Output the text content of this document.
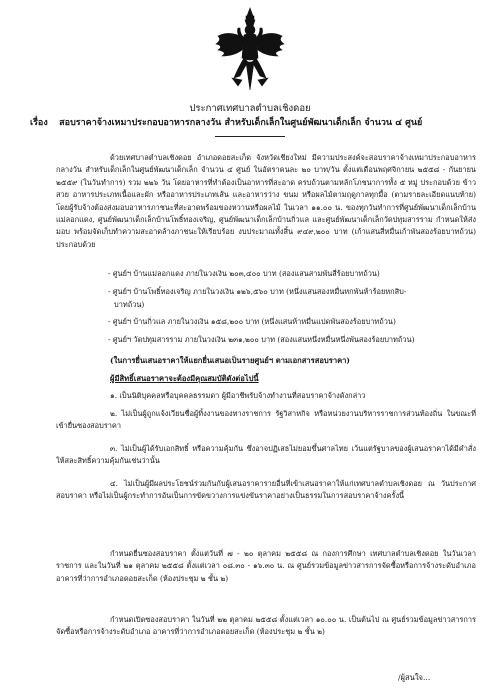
ประกาศเทศบาลตำบลเชิงดอย
เรื่อง สอบราคาจ้างเหมาประกอบอาหารกลางวัน สำหรับเด็กเล็กในศูนย์พัฒนาเด็กเล็ก จำนวน ๔ ศูนย์
ด้วยเทศบาลตำบลเชิงดอย อำเภอดอยสะเก็ด จังหวัดเชียงใหม่ มีความประสงค์จะสอบราคาจ้างเหมาประกอบอาหารกลางวัน สำหรับเด็กเล็กในศูนย์พัฒนาเด็กเล็ก จำนวน ๔ ศูนย์ ในอัตราคนละ ๒๐ บาท/วัน ตั้งแต่เดือนพฤศจิกายน ๒๕๕๘ - กันยายน ๒๕๕๙ (ในวันทำการ) รวม ๒๒๖ วัน โดยอาหารที่ทำต้องเป็นอาหารที่สะอาด ครบถ้วนตามหลักโภชนาการทั้ง ๕ หมู่ ประกอบด้วย ข้าวสวย อาหารประเภทเนื้อและผัก หรืออาหารประเภทเส้น และอาหารว่าง ขนม หรือผลไม้ตามฤดูกาลทุกมื้อ (ตามรายละเอียดแนบท้าย) โดยผู้รับจ้างต้องส่งมอบอาหารภาชนะที่สะอาดพร้อมของหวานหรือผลไม้ ในเวลา ๑๑.๐๐ น. ของทุกวันทำการที่ศูนย์พัฒนาเด็กเล็กบ้านแม่ลอกแดง, ศูนย์พัฒนาเด็กเล็กบ้านโพธิ์ทองเจริญ, ศูนย์พัฒนาเด็กเล็กบ้านกิ่วแล และศูนย์พัฒนาเด็กเล็กวัดปทุมสารราม กำหนดให้ส่งมอบ พร้อมจัดเก็บทำความสะอาดล้างภาชนะให้เรียบร้อย งบประมาณทั้งสิ้น ๙๔๙,๒๐๐ บาท (เก้าแสนสี่หมื่นเก้าพันสองร้อยบาทถ้วน) ประกอบด้วย
- ศูนย์ฯ บ้านแม่ลอกแดง ภายในวงเงิน ๒๐๓,๔๐๐ บาท (สองแสนสามพันสี่ร้อยบาทถ้วน)
- ศูนย์ฯ บ้านโพธิ์ทองเจริญ ภายในวงเงิน ๑๒๖,๕๖๐ บาท (หนึ่งแสนสองหมื่นหกพันห้าร้อยหกสิบ-
บาทถ้วน)
- ศูนย์ฯ บ้านกิ่วแล ภายในวงเงิน ๑๕๘,๒๐๐ บาท (หนึ่งแสนห้าหมื่นแปดพันสองร้อยบาทถ้วน)
- ศูนย์ฯ วัดปทุมสารราม ภายในวงเงิน ๒๓๑,๒๐๐ บาท (สองแสนหนึ่งหมื่นหนึ่งพันสองร้อยบาทถ้วน)
(ในการยื่นเสนอราคาให้แยกยื่นเสนอเป็นรายศูนย์ฯ ตามเอกสารสอบราคา)
ผู้มีสิทธิ์เสนอราคาจะต้องมีคุณสมบัติดังต่อไปนี้
๑. เป็นนิติบุคคลหรือบุคคลธรรมดา ผู้มีอาชีพรับจ้างทำงานที่สอบราคาจ้างดังกล่าว
๒. ไม่เป็นผู้ถูกแจ้งเวียนชื่อผู้ทิ้งงานของทางราชการ รัฐวิสาหกิจ หรือหน่วยงานบริหารราชการส่วนท้องถิ่น ในขณะที่เข้ายื่นซองสอบราคา
๓. ไม่เป็นผู้ได้รับเอกสิทธิ์ หรือความคุ้มกัน ซึ่งอาจปฏิเสธไม่ยอมขึ้นศาลไทย เว้นแต่รัฐบาลของผู้เสนอราคาได้มีคำสั่งให้สละสิทธิ์ความคุ้มกันเช่นว่านั้น
๔. ไม่เป็นผู้มีผลประโยชน์ร่วมกันกับผู้เสนอราคารายอื่นที่เข้าเสนอราคาให้แก่เทศบาลตำบลเชิงดอย ณ วันประกาศสอบราคา หรือไม่เป็นผู้กระทำการอันเป็นการขัดขวางการแข่งขันราคาอย่างเป็นธรรมในการสอบราคาจ้างครั้งนี้
กำหนดยื่นซองสอบราคา ตั้งแต่วันที่ ๗ - ๒๐ ตุลาคม ๒๕๕๘ ณ กองการศึกษา เทศบาลตำบลเชิงดอย ในวันเวลาราชการ และในวันที่ ๒๑ ตุลาคม ๒๕๕๘ ตั้งแต่เวลา ๐๘.๓๐ - ๑๖.๓๐ น. ณ ศูนย์รวมข้อมูลข่าวสารการจัดซื้อหรือการจ้างระดับอำเภอ อาคารที่ว่าการอำเภอดอยสะเก็ด (ห้องประชุม ๒ ชั้น ๒)
กำหนดเปิดซองสอบราคา ในวันที่ ๒๒ ตุลาคม ๒๕๕๘ ตั้งแต่เวลา ๑๐.๐๐ น. เป็นต้นไป ณ ศูนย์รวมข้อมูลข่าวสารการจัดซื้อหรือการจ้างระดับอำเภอ อาคารที่ว่าการอำเภอดอยสะเก็ด (ห้องประชุม ๒ ชั้น ๒)
/ผู้สนใจ...
